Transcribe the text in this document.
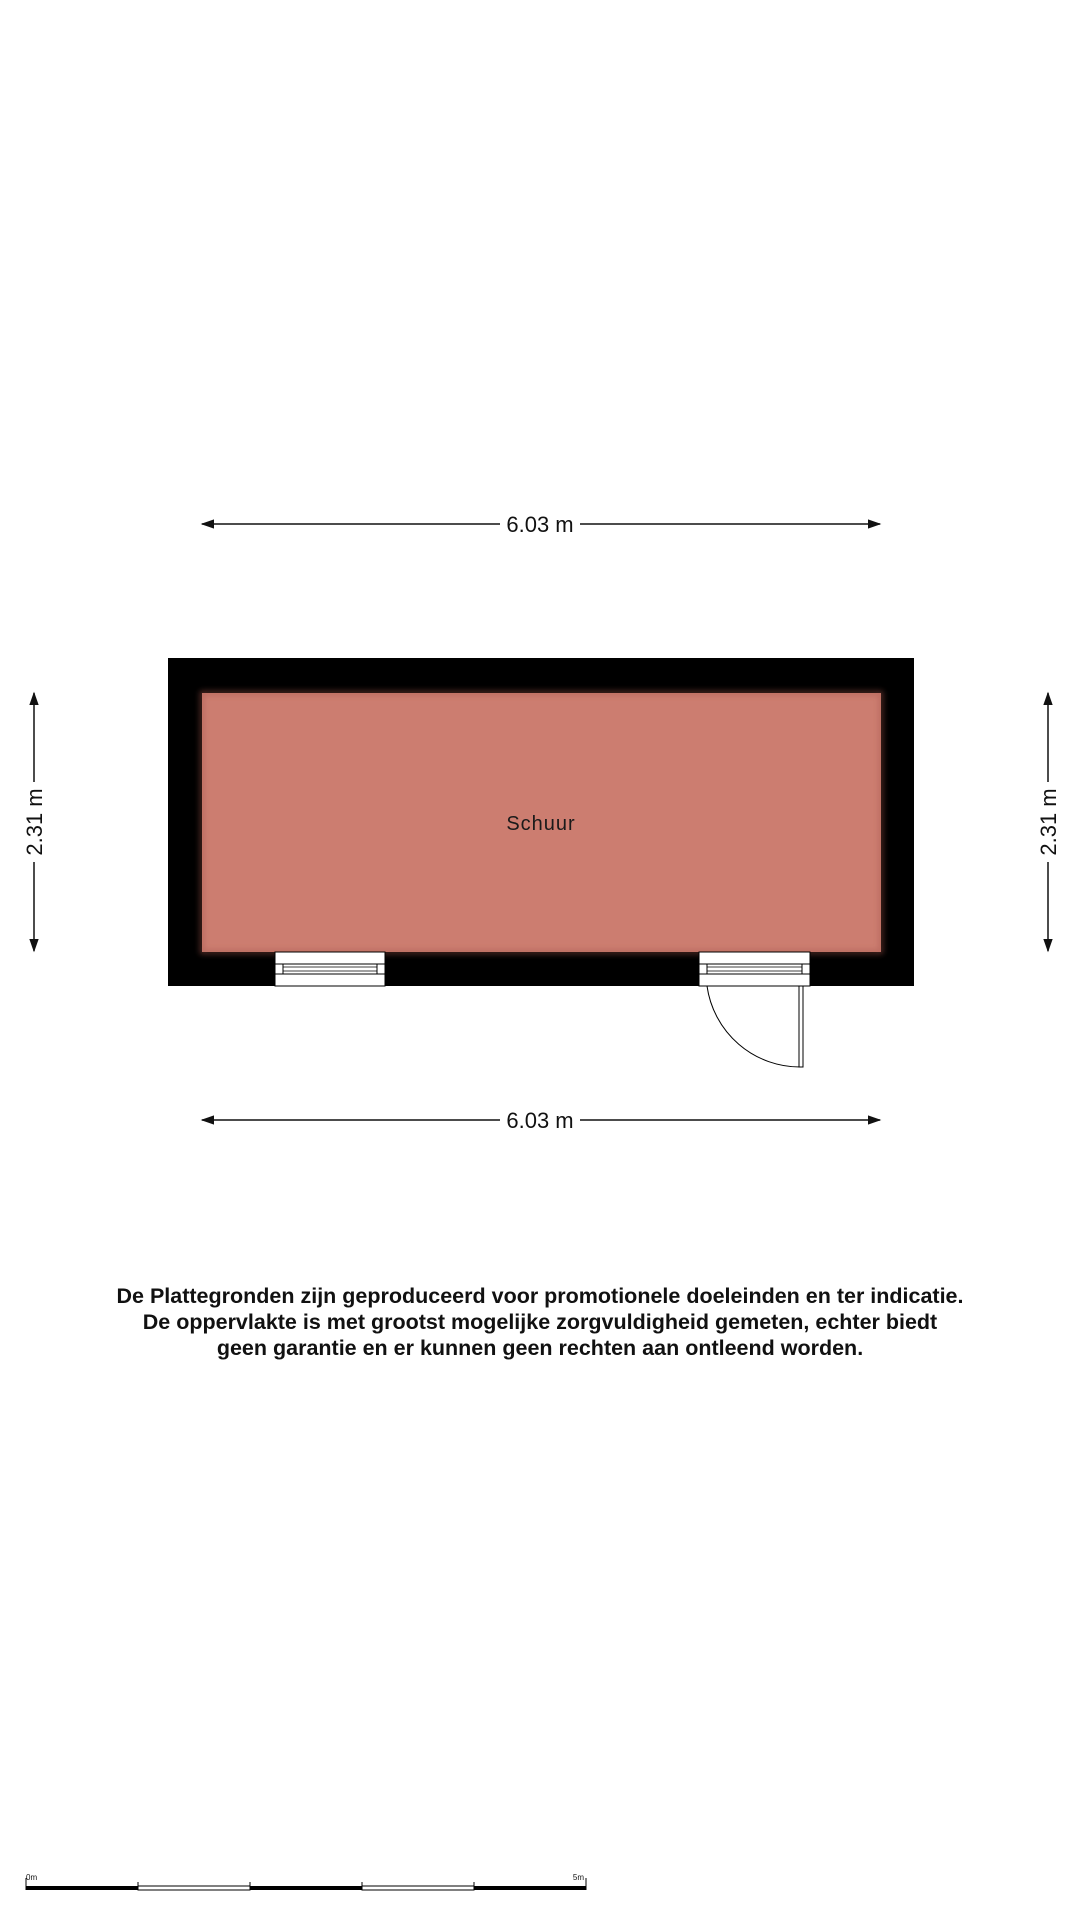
6.03 m
2.31 m	2.31 m
Schuur
6.03 m
0m	5m
De Plattegronden zijn geproduceerd voor promotionele doeleinden en ter indicatie.
De oppervlakte is met grootst mogelijke zorgvuldigheid gemeten, echter biedt
geen garantie en er kunnen geen rechten aan ontleend worden.
